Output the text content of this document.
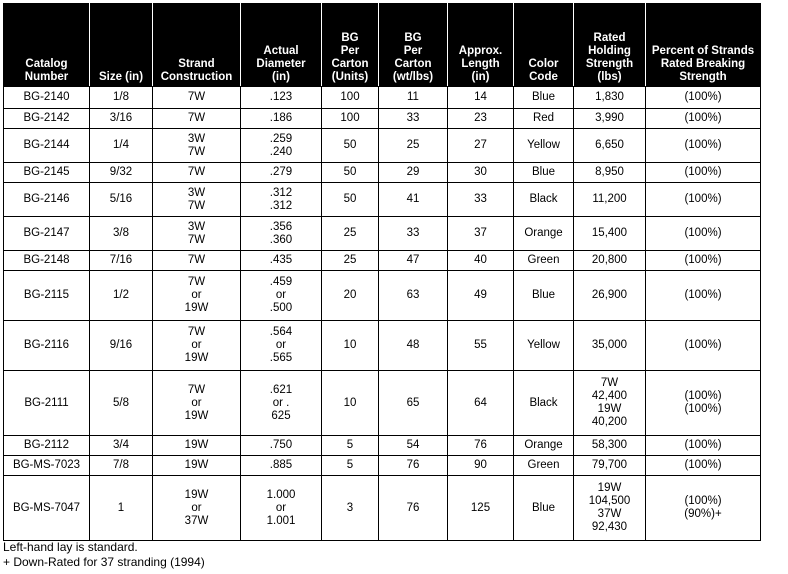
Catalog
Number	Size (in)	Strand
Construction	Actual
Diameter
(in)	BG
Per
Carton
(Units)	BG
Per
Carton
(wt/lbs)	Approx.
Length
(in)	Color
Code	Rated
Holding
Strength
(lbs)	Percent of Strands
Rated Breaking
Strength
BG-2140	1/8	7W	.123	100	11	14	Blue	1,830	(100%)
BG-2142	3/16	7W	.186	100	33	23	Red	3,990	(100%)
BG-2144	1/4	3W
7W	.259
.240	50	25	27	Yellow	6,650	(100%)
BG-2145	9/32	7W	.279	50	29	30	Blue	8,950	(100%)
BG-2146	5/16	3W
7W	.312
.312	50	41	33	Black	11,200	(100%)
BG-2147	3/8	3W
7W	.356
.360	25	33	37	Orange	15,400	(100%)
BG-2148	7/16	7W	.435	25	47	40	Green	20,800	(100%)
BG-2115	1/2	7W
or
19W	.459
or
.500	20	63	49	Blue	26,900	(100%)
BG-2116	9/16	7W
or
19W	.564
or
.565	10	48	55	Yellow	35,000	(100%)
BG-2111	5/8	7W
or
19W	.621
or .
625	10	65	64	Black	7W
42,400
19W
40,200	(100%)
(100%)
BG-2112	3/4	19W	.750	5	54	76	Orange	58,300	(100%)
BG-MS-7023	7/8	19W	.885	5	76	90	Green	79,700	(100%)
BG-MS-7047	1	19W
or
37W	1.000
or
1.001	3	76	125	Blue	19W
104,500
37W
92,430	(100%)
(90%)+
Left-hand lay is standard.
+ Down-Rated for 37 stranding (1994)
